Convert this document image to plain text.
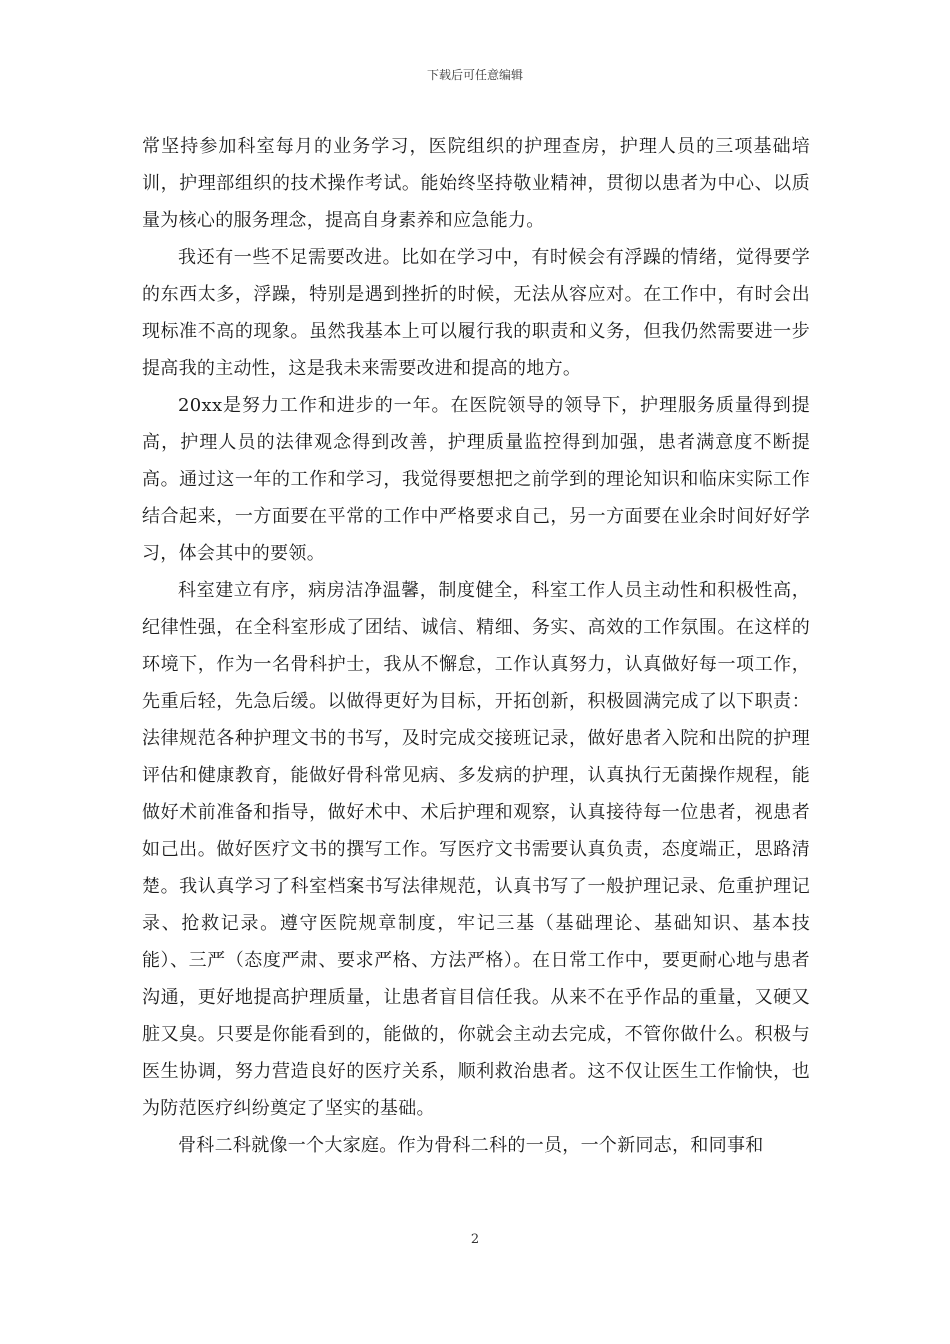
下载后可任意编辑

常坚持参加科室每月的业务学习，医院组织的护理查房，护理人员的三项基础培训，护理部组织的技术操作考试。能始终坚持敬业精神，贯彻以患者为中心、以质量为核心的服务理念，提高自身素养和应急能力。

我还有一些不足需要改进。比如在学习中，有时候会有浮躁的情绪，觉得要学的东西太多，浮躁，特别是遇到挫折的时候，无法从容应对。在工作中，有时会出现标准不高的现象。虽然我基本上可以履行我的职责和义务，但我仍然需要进一步提高我的主动性，这是我未来需要改进和提高的地方。

20xx是努力工作和进步的一年。在医院领导的领导下，护理服务质量得到提高，护理人员的法律观念得到改善，护理质量监控得到加强，患者满意度不断提高。通过这一年的工作和学习，我觉得要想把之前学到的理论知识和临床实际工作结合起来，一方面要在平常的工作中严格要求自己，另一方面要在业余时间好好学习，体会其中的要领。

科室建立有序，病房洁净温馨，制度健全，科室工作人员主动性和积极性高，纪律性强，在全科室形成了团结、诚信、精细、务实、高效的工作氛围。在这样的环境下，作为一名骨科护士，我从不懈怠，工作认真努力，认真做好每一项工作，先重后轻，先急后缓。以做得更好为目标，开拓创新，积极圆满完成了以下职责：法律规范各种护理文书的书写，及时完成交接班记录，做好患者入院和出院的护理评估和健康教育，能做好骨科常见病、多发病的护理，认真执行无菌操作规程，能做好术前准备和指导，做好术中、术后护理和观察，认真接待每一位患者，视患者如己出。做好医疗文书的撰写工作。写医疗文书需要认真负责，态度端正，思路清楚。我认真学习了科室档案书写法律规范，认真书写了一般护理记录、危重护理记录、抢救记录。遵守医院规章制度，牢记三基（基础理论、基础知识、基本技能）、三严（态度严肃、要求严格、方法严格）。在日常工作中，要更耐心地与患者沟通，更好地提高护理质量，让患者盲目信任我。从来不在乎作品的重量，又硬又脏又臭。只要是你能看到的，能做的，你就会主动去完成，不管你做什么。积极与医生协调，努力营造良好的医疗关系，顺利救治患者。这不仅让医生工作愉快，也为防范医疗纠纷奠定了坚实的基础。

骨科二科就像一个大家庭。作为骨科二科的一员，一个新同志，和同事和

2
